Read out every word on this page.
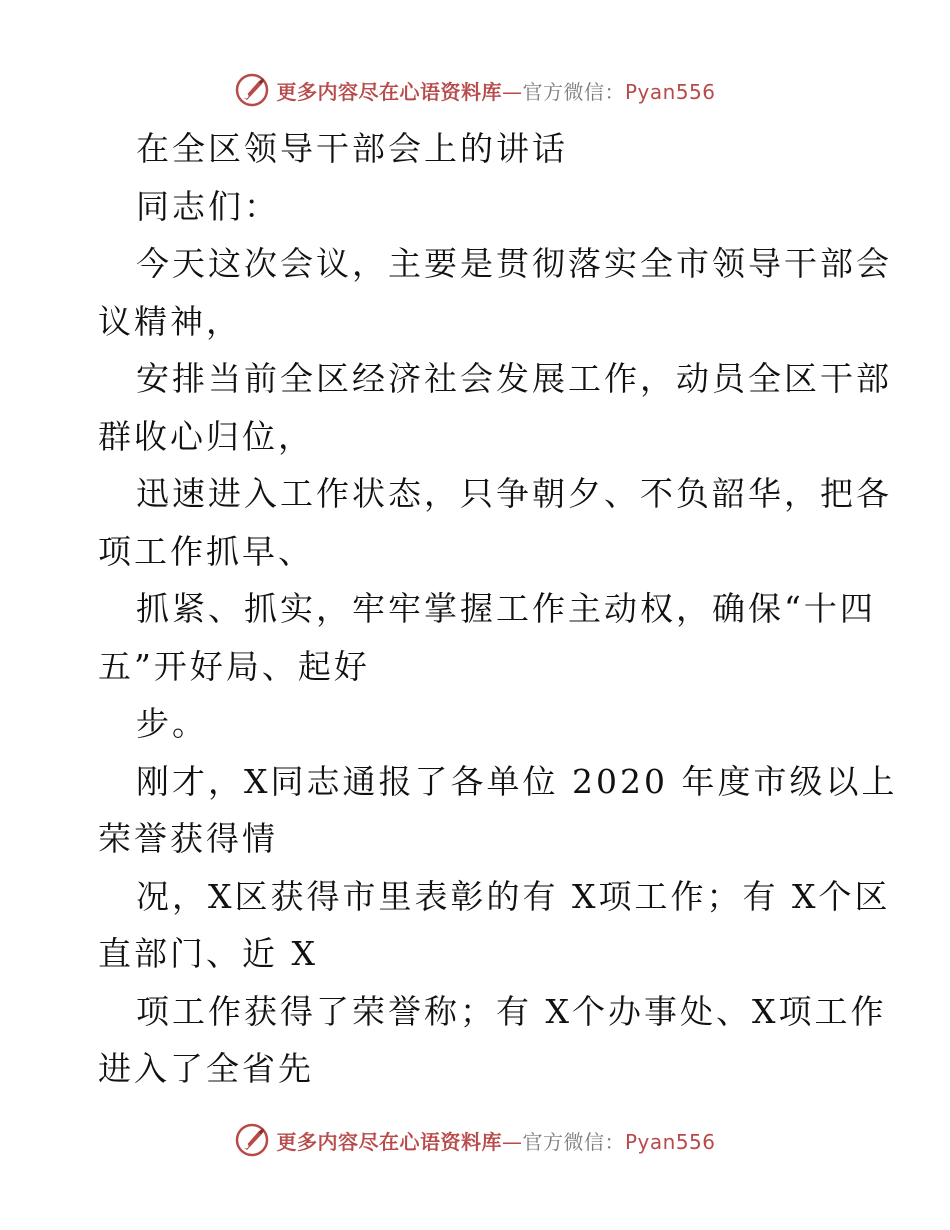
更多内容尽在心语资料库—官方微信：Pyan556
在全区领导干部会上的讲话
同志们：
今天这次会议，主要是贯彻落实全市领导干部会
议精神，
安排当前全区经济社会发展工作，动员全区干部
群收心归位，
迅速进入工作状态，只争朝夕、不负韶华，把各
项工作抓早、
抓紧、抓实，牢牢掌握工作主动权，确保“十四
五”开好局、起好
步。
刚才，X同志通报了各单位 2020 年度市级以上
荣誉获得情
况，X区获得市里表彰的有 X项工作；有 X个区
直部门、近 X
项工作获得了荣誉称；有 X个办事处、X项工作
进入了全省先
更多内容尽在心语资料库—官方微信：Pyan556
